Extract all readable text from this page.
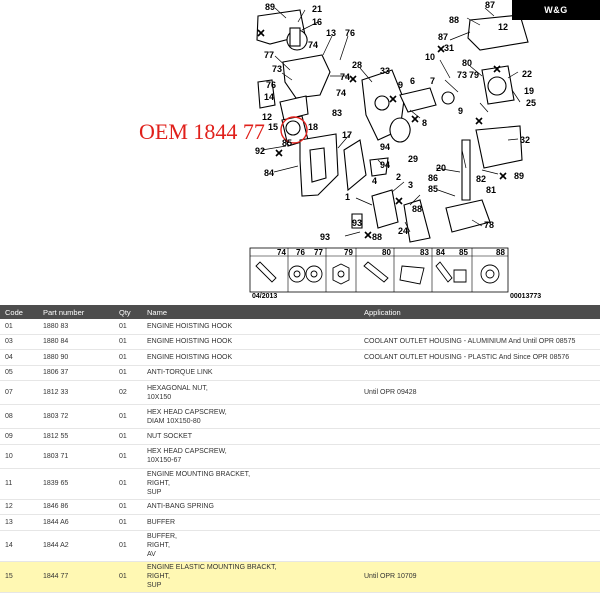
89	21
16
13 76
88
87
12
87
31
77
74
73
74
28
33
10
80
22
76
73
74
83
9 6 7
79
12
19
25
14
15	18	8
9
85
29
17
92
84	20
86	82	89
32
94
85	81
94
3
4
1
2
88
93
93
88
24
78
74 76 77	79	80	83 84 85	88
W&G
OEM 1844 77
04/2013	00013773
Code	Part number	Qty	Name	Application
01	1880 83	01	ENGINE HOISTING HOOK	
03	1880 84	01	ENGINE HOISTING HOOK	COOLANT OUTLET HOUSING - ALUMINIUM And Until OPR 08575
04	1880 90	01	ENGINE HOISTING HOOK	COOLANT OUTLET HOUSING - PLASTIC And Since OPR 08576
05	1806 37	01	ANTI-TORQUE LINK	
07	1812 33	02	HEXAGONAL NUT,
10X150	Until OPR 09428
08	1803 72	01	HEX HEAD CAPSCREW,
DIAM 10X150-80	
09	1812 55	01	NUT SOCKET	
10	1803 71	01	HEX HEAD CAPSCREW,
10X150-67	
11	1839 65	01	ENGINE MOUNTING BRACKET,
RIGHT,
SUP	
12	1846 86	01	ANTI-BANG SPRING	
13	1844 A6	01	BUFFER	
14	1844 A2	01	BUFFER,
RIGHT,
AV	
15	1844 77	01	ENGINE ELASTIC MOUNTING BRACKT,
RIGHT,
SUP	Until OPR 10709
